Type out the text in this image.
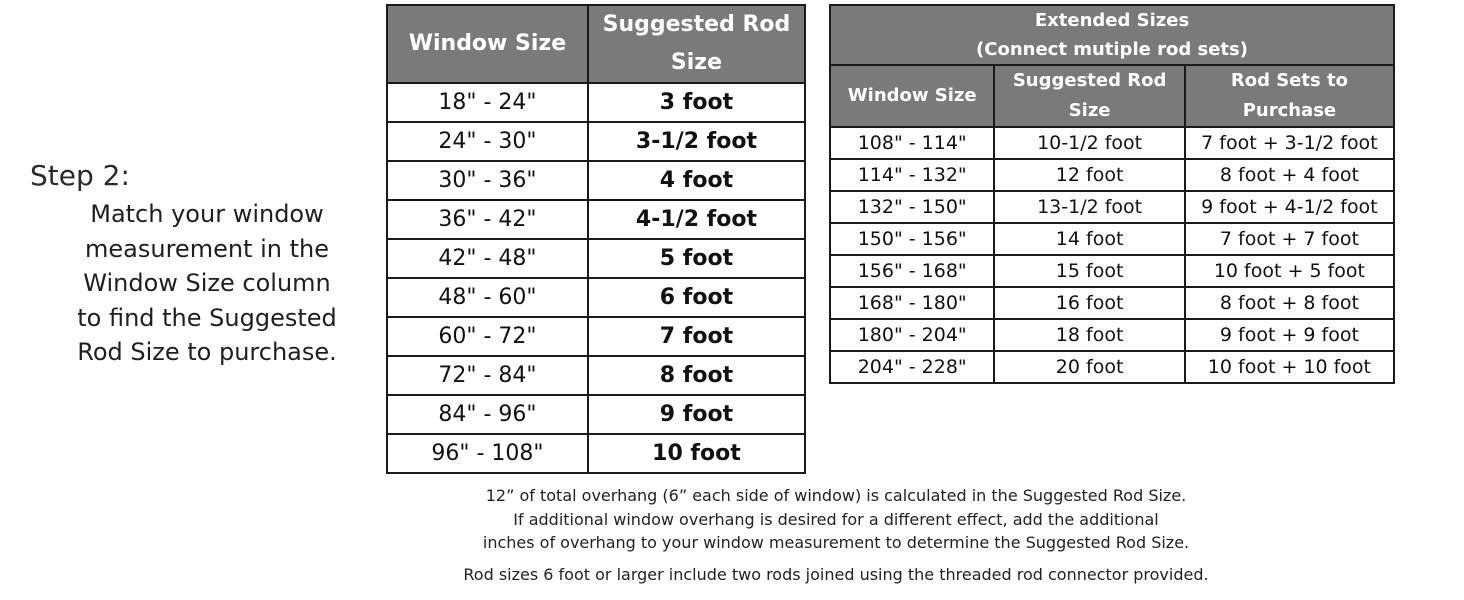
Step 2:
Match your window
measurement in the
Window Size column
to find the Suggested
Rod Size to purchase.
Window Size	Suggested Rod Size
18" - 24"	3 foot
24" - 30"	3-1/2 foot
30" - 36"	4 foot
36" - 42"	4-1/2 foot
42" - 48"	5 foot
48" - 60"	6 foot
60" - 72"	7 foot
72" - 84"	8 foot
84" - 96"	9 foot
96" - 108"	10 foot
Extended Sizes
(Connect mutiple rod sets)		

Window Size	Suggested Rod Size	Rod Sets to Purchase
108" - 114"	10-1/2 foot	7 foot + 3-1/2 foot
114" - 132"	12 foot	8 foot + 4 foot
132" - 150"	13-1/2 foot	9 foot + 4-1/2 foot
150" - 156"	14 foot	7 foot + 7 foot
156" - 168"	15 foot	10 foot + 5 foot
168" - 180"	16 foot	8 foot + 8 foot
180" - 204"	18 foot	9 foot + 9 foot
204" - 228"	20 foot	10 foot + 10 foot

12” of total overhang (6” each side of window) is calculated in the Suggested Rod Size.

If additional window overhang is desired for a different effect, add the additional

inches of overhang to your window measurement to determine the Suggested Rod Size.

Rod sizes 6 foot or larger include two rods joined using the threaded rod connector provided.
